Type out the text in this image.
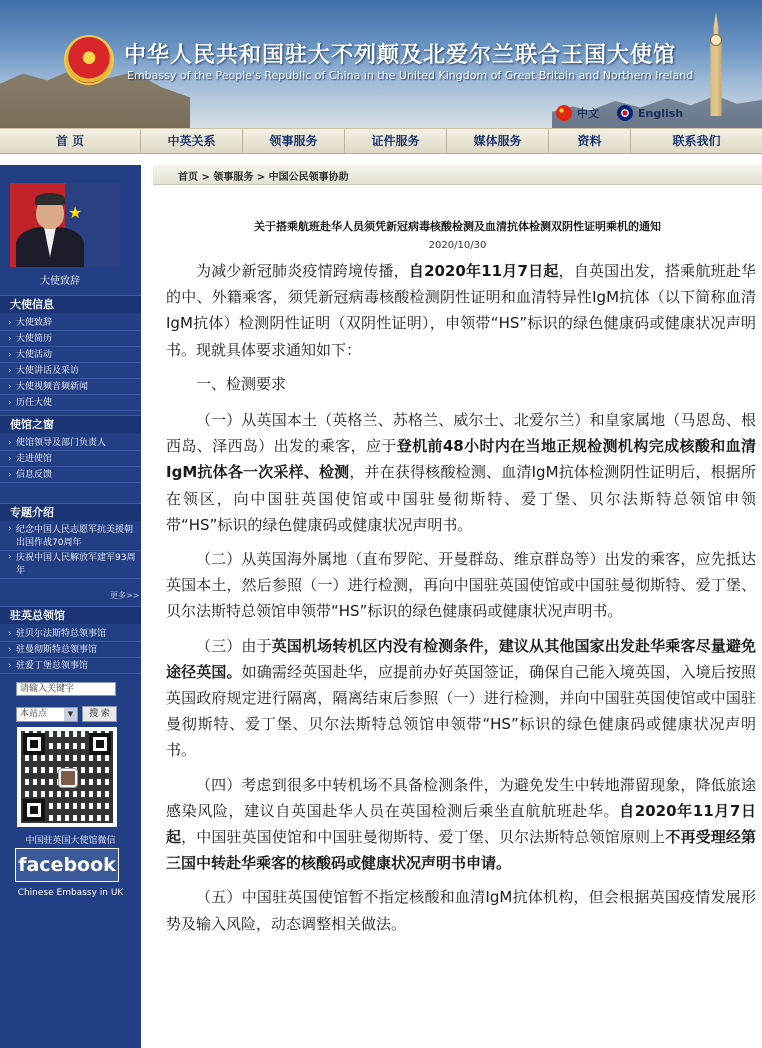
中华人民共和国驻大不列颠及北爱尔兰联合王国大使馆
Embassy of the People's Republic of China in the United Kingdom of Great Britain and Northern Ireland
中文	English
首 页	中英关系	领事服务	证件服务	媒体服务	资料	联系我们
★
大使致辞
大使信息
› 大使致辞
› 大使简历
› 大使活动
› 大使讲话及采访
› 大使视频音频新闻
› 历任大使
使馆之窗
› 使馆领导及部门负责人
› 走进使馆
› 信息反馈
专题介绍
› 纪念中国人民志愿军抗美援朝出国作战70周年
› 庆祝中国人民解放军建军93周年
更多>>
驻英总领馆
› 驻贝尔法斯特总领事馆
› 驻曼彻斯特总领事馆
› 驻爱丁堡总领事馆
请输入关键字
本站点	▼	搜 索
中国驻英国大使馆微信
facebook
Chinese Embassy in UK
首页 > 领事服务 > 中国公民领事协助
关于搭乘航班赴华人员须凭新冠病毒核酸检测及血清抗体检测双阴性证明乘机的通知
2020/10/30

为减少新冠肺炎疫情跨境传播，自2020年11月7日起，自英国出发，搭乘航班赴华的中、外籍乘客，须凭新冠病毒核酸检测阴性证明和血清特异性IgM抗体（以下简称血清IgM抗体）检测阴性证明（双阴性证明），申领带“HS”标识的绿色健康码或健康状况声明书。现就具体要求通知如下：

一、检测要求

（一）从英国本土（英格兰、苏格兰、威尔士、北爱尔兰）和皇家属地（马恩岛、根西岛、泽西岛）出发的乘客，应于登机前48小时内在当地正规检测机构完成核酸和血清IgM抗体各一次采样、检测，并在获得核酸检测、血清IgM抗体检测阴性证明后，根据所在领区，向中国驻英国使馆或中国驻曼彻斯特、爱丁堡、贝尔法斯特总领馆申领带“HS”标识的绿色健康码或健康状况声明书。

（二）从英国海外属地（直布罗陀、开曼群岛、维京群岛等）出发的乘客，应先抵达英国本土，然后参照（一）进行检测，再向中国驻英国使馆或中国驻曼彻斯特、爱丁堡、贝尔法斯特总领馆申领带“HS”标识的绿色健康码或健康状况声明书。

（三）由于英国机场转机区内没有检测条件，建议从其他国家出发赴华乘客尽量避免途径英国。如确需经英国赴华，应提前办好英国签证，确保自己能入境英国，入境后按照英国政府规定进行隔离，隔离结束后参照（一）进行检测，并向中国驻英国使馆或中国驻曼彻斯特、爱丁堡、贝尔法斯特总领馆申领带“HS”标识的绿色健康码或健康状况声明书。

（四）考虑到很多中转机场不具备检测条件，为避免发生中转地滞留现象，降低旅途感染风险，建议自英国赴华人员在英国检测后乘坐直航航班赴华。自2020年11月7日起，中国驻英国使馆和中国驻曼彻斯特、爱丁堡、贝尔法斯特总领馆原则上不再受理经第三国中转赴华乘客的核酸码或健康状况声明书申请。

（五）中国驻英国使馆暂不指定核酸和血清IgM抗体机构，但会根据英国疫情发展形势及输入风险，动态调整相关做法。
